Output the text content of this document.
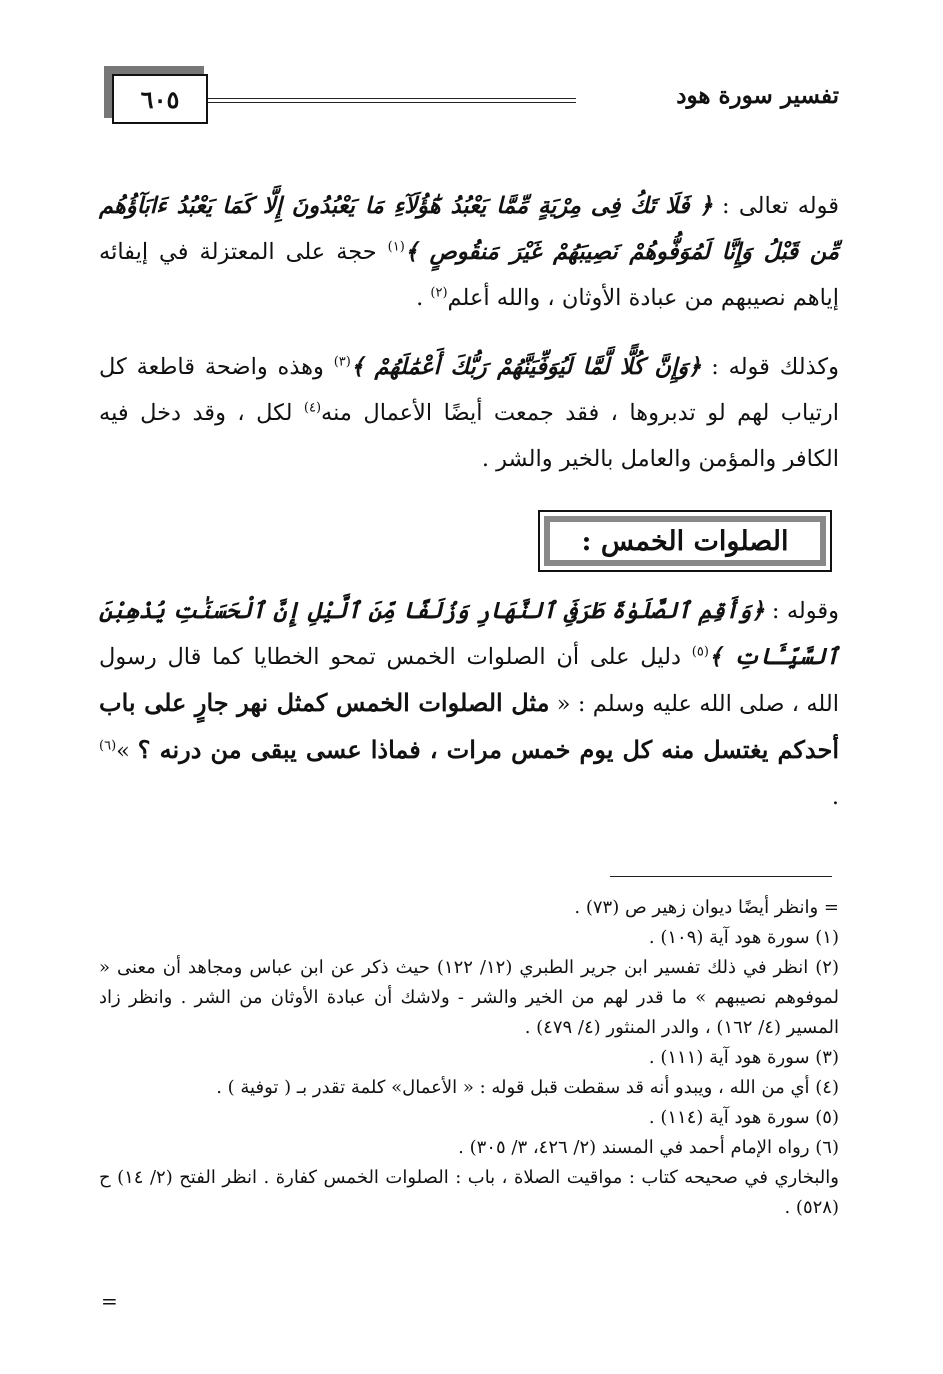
تفسير سورة هود
٦٠٥

قوله تعالى : ﴿ فَلَا تَكُ فِى مِرْيَةٍ مِّمَّا يَعْبُدُ هَٰٓؤُلَآءِ مَا يَعْبُدُونَ إِلَّا كَمَا يَعْبُدُ ءَابَآؤُهُم مِّن قَبْلُ وَإِنَّا لَمُوَفُّوهُمْ نَصِيبَهُمْ غَيْرَ مَنقُوصٍ ﴾$^{(١)}$ حجة على المعتزلة في إيفائه إياهم نصيبهم من عبادة الأوثان ، والله أعلم$^{(٢)}$ .

وكذلك قوله : ﴿وَإِنَّ كُلًّا لَّمَّا لَيُوَفِّيَنَّهُمْ رَبُّكَ أَعْمَٰلَهُمْ ﴾$^{(٣)}$ وهذه واضحة قاطعة كل ارتياب لهم لو تدبروها ، فقد جمعت أيضًا الأعمال منه$^{(٤)}$ لكل ، وقد دخل فيه الكافر والمؤمن والعامل بالخير والشر .

الصلوات الخمس :

وقوله : ﴿وَأَقِمِ ٱلصَّلَوٰةَ طَرَفَىِ ٱلنَّهَارِ وَزُلَفًا مِّنَ ٱلَّيْلِ إِنَّ ٱلْحَسَنَٰتِ يُذْهِبْنَ ٱلسَّيِّـَٔاتِ ﴾$^{(٥)}$ دليل على أن الصلوات الخمس تمحو الخطايا كما قال رسول الله ، صلى الله عليه وسلم : « مثل الصلوات الخمس كمثل نهر جارٍ على باب أحدكم يغتسل منه كل يوم خمس مرات ، فماذا عسى يبقى من درنه ؟ »$^{(٦)}$ .

= وانظر أيضًا ديوان زهير ص (٧٣) .
(١) سورة هود آية (١٠٩) .
(٢) انظر في ذلك تفسير ابن جرير الطبري (١٢/ ١٢٢) حيث ذكر عن ابن عباس ومجاهد أن معنى « لموفوهم نصيبهم » ما قدر لهم من الخير والشر - ولاشك أن عبادة الأوثان من الشر . وانظر زاد المسير (٤/ ١٦٢) ، والدر المنثور (٤/ ٤٧٩) .
(٣) سورة هود آية (١١١) .
(٤) أي من الله ، ويبدو أنه قد سقطت قبل قوله : « الأعمال» كلمة تقدر بـ ( توفية ) .
(٥) سورة هود آية (١١٤) .
(٦) رواه الإمام أحمد في المسند (٢/ ٤٢٦، ٣/ ٣٠٥) .
والبخاري في صحيحه كتاب : مواقيت الصلاة ، باب : الصلوات الخمس كفارة . انظر الفتح (٢/ ١٤) ح (٥٢٨) .
=
